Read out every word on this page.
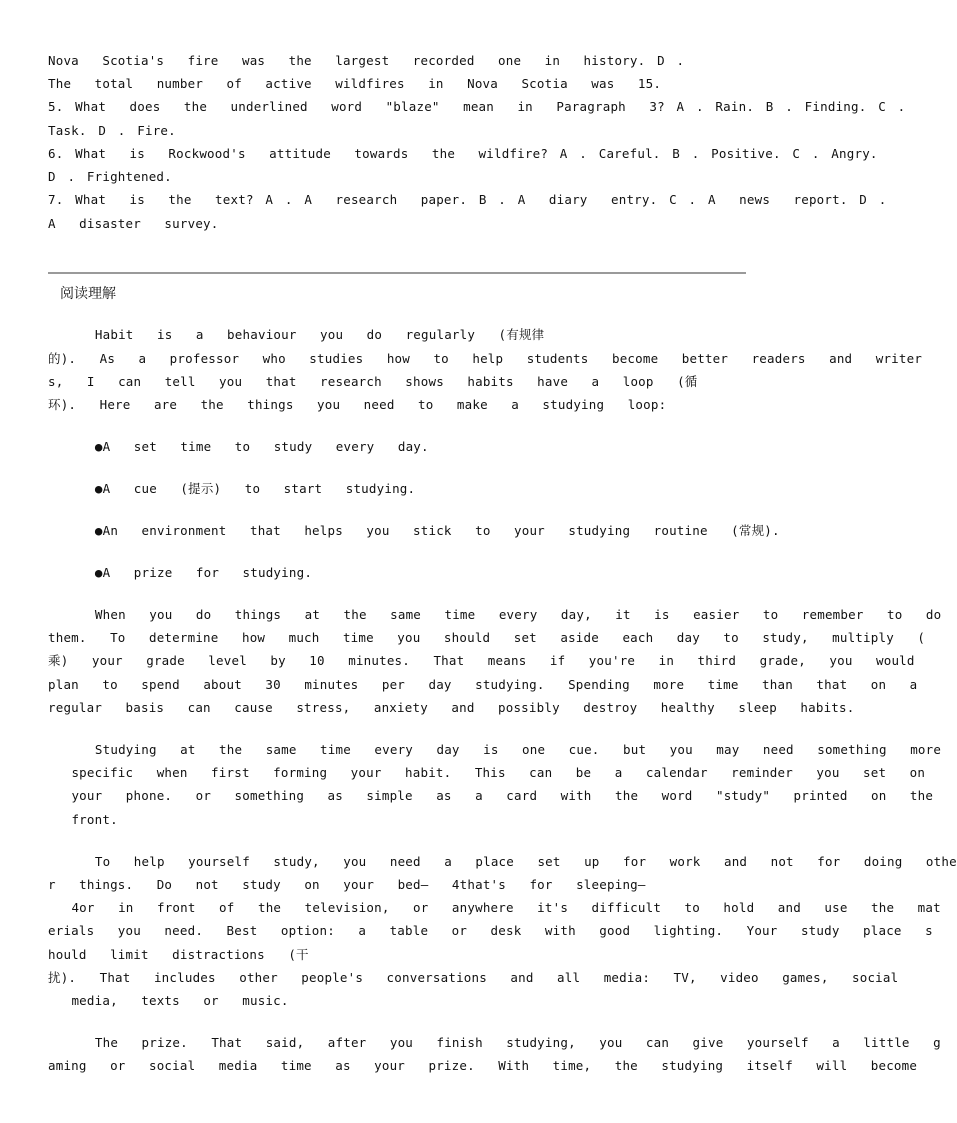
Nova  Scotia's  fire  was  the  largest  recorded  one  in  history. D .
The  total  number  of  active  wildfires  in  Nova  Scotia  was  15.
5. What  does  the  underlined  word  "blaze"  mean  in  Paragraph  3? A . Rain. B . Finding. C .
Task. D . Fire.
6. What  is  Rockwood's  attitude  towards  the  wildfire? A . Careful. B . Positive. C . Angry.
D . Frightened.
7. What  is  the  text? A . A  research  paper. B . A  diary  entry. C . A  news  report. D .
A  disaster  survey.
阅读理解
Habit  is  a  behaviour  you  do  regularly  (有规律
的).  As  a  professor  who  studies  how  to  help  students  become  better  readers  and  writer
s,  I  can  tell  you  that  research  shows  habits  have  a  loop  (循
环).  Here  are  the  things  you  need  to  make  a  studying  loop:
●A  set  time  to  study  every  day.
●A  cue  (提示)  to  start  studying.
●An  environment  that  helps  you  stick  to  your  studying  routine  (常规).
●A  prize  for  studying.
When  you  do  things  at  the  same  time  every  day,  it  is  easier  to  remember  to  do
them.  To  determine  how  much  time  you  should  set  aside  each  day  to  study,  multiply  (
乘)  your  grade  level  by  10  minutes.  That  means  if  you're  in  third  grade,  you  would
plan  to  spend  about  30  minutes  per  day  studying.  Spending  more  time  than  that  on  a
regular  basis  can  cause  stress,  anxiety  and  possibly  destroy  healthy  sleep  habits.
Studying  at  the  same  time  every  day  is  one  cue.  but  you  may  need  something  more
specific  when  first  forming  your  habit.  This  can  be  a  calendar  reminder  you  set  on
your  phone.  or  something  as  simple  as  a  card  with  the  word  "study"  printed  on  the
front.
To  help  yourself  study,  you  need  a  place  set  up  for  work  and  not  for  doing  othe
r  things.  Do  not  study  on  your  bed—  4that's  for  sleeping—
4or  in  front  of  the  television,  or  anywhere  it's  difficult  to  hold  and  use  the  mat
erials  you  need.  Best  option:  a  table  or  desk  with  good  lighting.  Your  study  place  s
hould  limit  distractions  (干
扰).  That  includes  other  people's  conversations  and  all  media:  TV,  video  games,  social
media,  texts  or  music.
The  prize.  That  said,  after  you  finish  studying,  you  can  give  yourself  a  little  g
aming  or  social  media  time  as  your  prize.  With  time,  the  studying  itself  will  become
